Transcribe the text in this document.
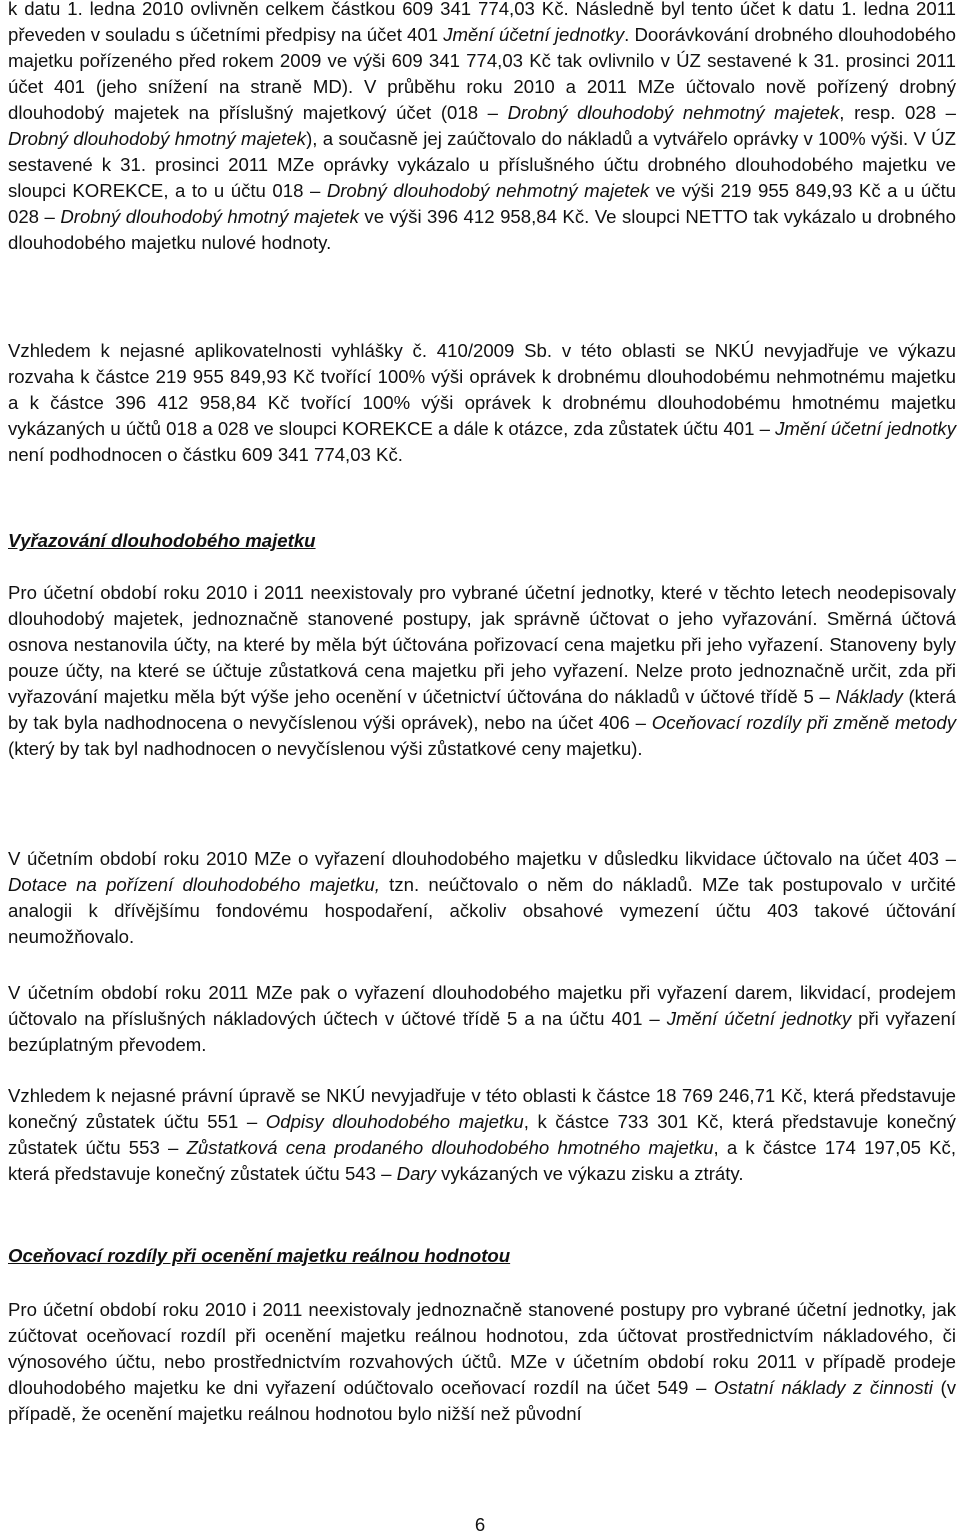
k datu 1. ledna 2010 ovlivněn celkem částkou 609 341 774,03 Kč. Následně byl tento účet k datu 1. ledna 2011 převeden v souladu s účetními předpisy na účet 401 Jmění účetní jednotky. Doorávkování drobného dlouhodobého majetku pořízeného před rokem 2009 ve výši 609 341 774,03 Kč tak ovlivnilo v ÚZ sestavené k 31. prosinci 2011 účet 401 (jeho snížení na straně MD). V průběhu roku 2010 a 2011 MZe účtovalo nově pořízený drobný dlouhodobý majetek na příslušný majetkový účet (018 – Drobný dlouhodobý nehmotný majetek, resp. 028 – Drobný dlouhodobý hmotný majetek), a současně jej zaúčtovalo do nákladů a vytvářelo oprávky v 100% výši. V ÚZ sestavené k 31. prosinci 2011 MZe oprávky vykázalo u příslušného účtu drobného dlouhodobého majetku ve sloupci KOREKCE, a to u účtu 018 – Drobný dlouhodobý nehmotný majetek ve výši 219 955 849,93 Kč a u účtu 028 – Drobný dlouhodobý hmotný majetek ve výši 396 412 958,84 Kč. Ve sloupci NETTO tak vykázalo u drobného dlouhodobého majetku nulové hodnoty.

Vzhledem k nejasné aplikovatelnosti vyhlášky č. 410/2009 Sb. v této oblasti se NKÚ nevyjadřuje ve výkazu rozvaha k částce 219 955 849,93 Kč tvořící 100% výši oprávek k drobnému dlouhodobému nehmotnému majetku a k částce 396 412 958,84 Kč tvořící 100% výši oprávek k drobnému dlouhodobému hmotnému majetku vykázaných u účtů 018 a 028 ve sloupci KOREKCE a dále k otázce, zda zůstatek účtu 401 – Jmění účetní jednotky není podhodnocen o částku 609 341 774,03 Kč.

Vyřazování dlouhodobého majetku

Pro účetní období roku 2010 i 2011 neexistovaly pro vybrané účetní jednotky, které v těchto letech neodepisovaly dlouhodobý majetek, jednoznačně stanovené postupy, jak správně účtovat o jeho vyřazování. Směrná účtová osnova nestanovila účty, na které by měla být účtována pořizovací cena majetku při jeho vyřazení. Stanoveny byly pouze účty, na které se účtuje zůstatková cena majetku při jeho vyřazení. Nelze proto jednoznačně určit, zda při vyřazování majetku měla být výše jeho ocenění v účetnictví účtována do nákladů v účtové třídě 5 – Náklady (která by tak byla nadhodnocena o nevyčíslenou výši oprávek), nebo na účet 406 – Oceňovací rozdíly při změně metody (který by tak byl nadhodnocen o nevyčíslenou výši zůstatkové ceny majetku).

V účetním období roku 2010 MZe o vyřazení dlouhodobého majetku v důsledku likvidace účtovalo na účet 403 – Dotace na pořízení dlouhodobého majetku, tzn. neúčtovalo o něm do nákladů. MZe tak postupovalo v určité analogii k dřívějšímu fondovému hospodaření, ačkoliv obsahové vymezení účtu 403 takové účtování neumožňovalo.

V účetním období roku 2011 MZe pak o vyřazení dlouhodobého majetku při vyřazení darem, likvidací, prodejem účtovalo na příslušných nákladových účtech v účtové třídě 5 a na účtu 401 – Jmění účetní jednotky při vyřazení bezúplatným převodem.

Vzhledem k nejasné právní úpravě se NKÚ nevyjadřuje v této oblasti k částce 18 769 246,71 Kč, která představuje konečný zůstatek účtu 551 – Odpisy dlouhodobého majetku, k částce 733 301 Kč, která představuje konečný zůstatek účtu 553 – Zůstatková cena prodaného dlouhodobého hmotného majetku, a k částce 174 197,05 Kč, která představuje konečný zůstatek účtu 543 – Dary vykázaných ve výkazu zisku a ztráty.

Oceňovací rozdíly při ocenění majetku reálnou hodnotou

Pro účetní období roku 2010 i 2011 neexistovaly jednoznačně stanovené postupy pro vybrané účetní jednotky, jak zúčtovat oceňovací rozdíl při ocenění majetku reálnou hodnotou, zda účtovat prostřednictvím nákladového, či výnosového účtu, nebo prostřednictvím rozvahových účtů. MZe v účetním období roku 2011 v případě prodeje dlouhodobého majetku ke dni vyřazení odúčtovalo oceňovací rozdíl na účet 549 – Ostatní náklady z činnosti (v případě, že ocenění majetku reálnou hodnotou bylo nižší než původní

6
